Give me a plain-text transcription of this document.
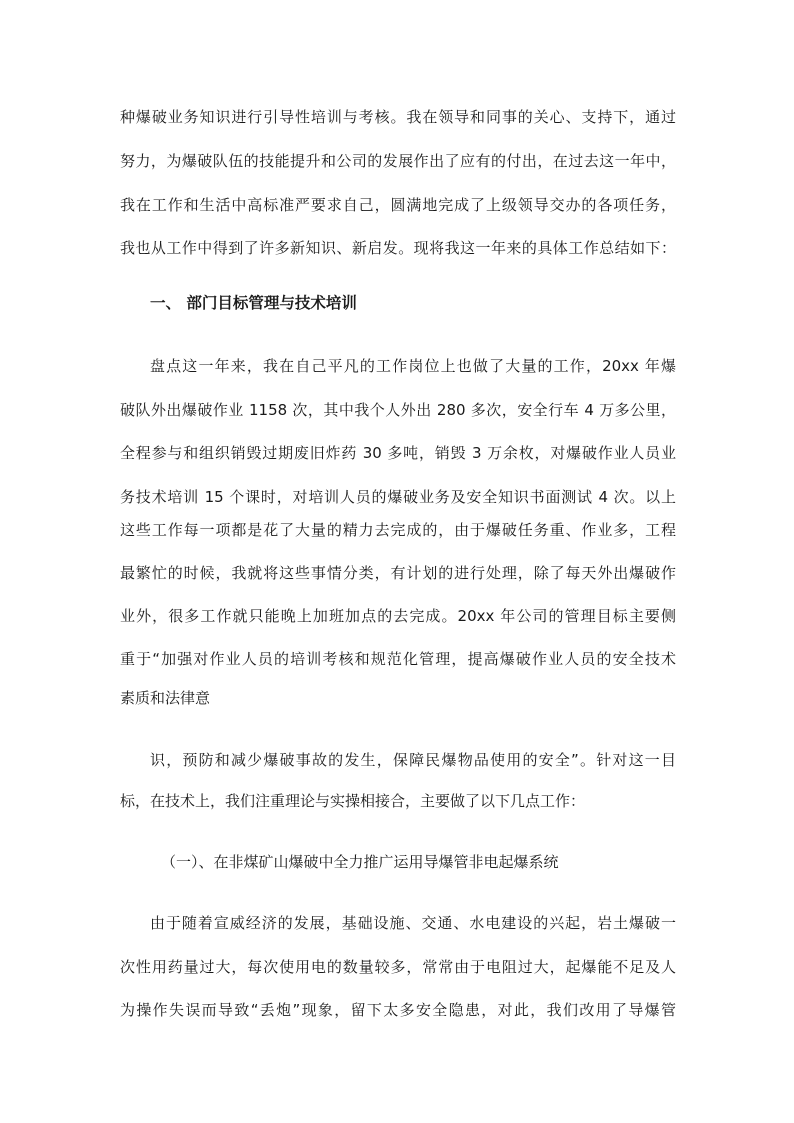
种爆破业务知识进行引导性培训与考核。我在领导和同事的关心、支持下，通过
努力，为爆破队伍的技能提升和公司的发展作出了应有的付出，在过去这一年中，
我在工作和生活中高标准严要求自己，圆满地完成了上级领导交办的各项任务，
我也从工作中得到了许多新知识、新启发。现将我这一年来的具体工作总结如下：
一、 部门目标管理与技术培训
盘点这一年来，我在自己平凡的工作岗位上也做了大量的工作，20xx 年爆
破队外出爆破作业 1158 次，其中我个人外出 280 多次，安全行车 4 万多公里，
全程参与和组织销毁过期废旧炸药 30 多吨，销毁 3 万余枚，对爆破作业人员业
务技术培训 15 个课时，对培训人员的爆破业务及安全知识书面测试 4 次。以上
这些工作每一项都是花了大量的精力去完成的，由于爆破任务重、作业多，工程
最繁忙的时候，我就将这些事情分类，有计划的进行处理，除了每天外出爆破作
业外，很多工作就只能晚上加班加点的去完成。20xx 年公司的管理目标主要侧
重于“加强对作业人员的培训考核和规范化管理，提高爆破作业人员的安全技术
素质和法律意
识，预防和减少爆破事故的发生，保障民爆物品使用的安全”。针对这一目
标，在技术上，我们注重理论与实操相接合，主要做了以下几点工作：
（一）、在非煤矿山爆破中全力推广运用导爆管非电起爆系统
由于随着宣威经济的发展，基础设施、交通、水电建设的兴起，岩土爆破一
次性用药量过大，每次使用电的数量较多，常常由于电阻过大，起爆能不足及人
为操作失误而导致“丢炮”现象，留下太多安全隐患，对此，我们改用了导爆管
